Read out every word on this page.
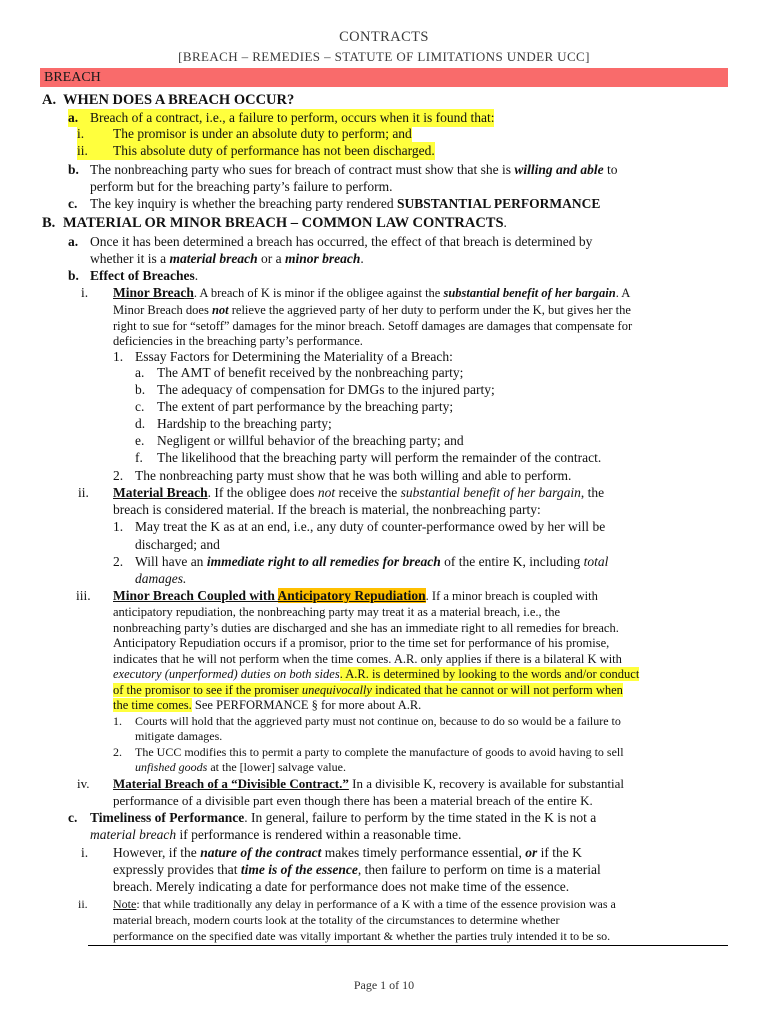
CONTRACTS
[BREACH – REMEDIES – STATUTE OF LIMITATIONS UNDER UCC]
BREACH
A. WHEN DOES A BREACH OCCUR?
a. Breach of a contract, i.e., a failure to perform, occurs when it is found that:
i. The promisor is under an absolute duty to perform; and
ii. This absolute duty of performance has not been discharged.
b. The nonbreaching party who sues for breach of contract must show that she is willing and able to
perform but for the breaching party’s failure to perform.
c. The key inquiry is whether the breaching party rendered SUBSTANTIAL PERFORMANCE
B. MATERIAL OR MINOR BREACH – COMMON LAW CONTRACTS.
a. Once it has been determined a breach has occurred, the effect of that breach is determined by
whether it is a material breach or a minor breach.
b. Effect of Breaches.
i. Minor Breach. A breach of K is minor if the obligee against the substantial benefit of her bargain. A
Minor Breach does not relieve the aggrieved party of her duty to perform under the K, but gives her the
right to sue for “setoff” damages for the minor breach. Setoff damages are damages that compensate for
deficiencies in the breaching party’s performance.
1. Essay Factors for Determining the Materiality of a Breach:
a. The AMT of benefit received by the nonbreaching party;
b. The adequacy of compensation for DMGs to the injured party;
c. The extent of part performance by the breaching party;
d. Hardship to the breaching party;
e. Negligent or willful behavior of the breaching party; and
f. The likelihood that the breaching party will perform the remainder of the contract.
2. The nonbreaching party must show that he was both willing and able to perform.
ii. Material Breach. If the obligee does not receive the substantial benefit of her bargain, the
breach is considered material. If the breach is material, the nonbreaching party:
1. May treat the K as at an end, i.e., any duty of counter-performance owed by her will be
discharged; and
2. Will have an immediate right to all remedies for breach of the entire K, including total
damages.
iii. Minor Breach Coupled with Anticipatory Repudiation. If a minor breach is coupled with
anticipatory repudiation, the nonbreaching party may treat it as a material breach, i.e., the
nonbreaching party’s duties are discharged and she has an immediate right to all remedies for breach.
Anticipatory Repudiation occurs if a promisor, prior to the time set for performance of his promise,
indicates that he will not perform when the time comes. A.R. only applies if there is a bilateral K with
executory (unperformed) duties on both sides. A.R. is determined by looking to the words and/or conduct
of the promisor to see if the promiser unequivocally indicated that he cannot or will not perform when
the time comes. See PERFORMANCE § for more about A.R.
1. Courts will hold that the aggrieved party must not continue on, because to do so would be a failure to
mitigate damages.
2. The UCC modifies this to permit a party to complete the manufacture of goods to avoid having to sell
unfished goods at the [lower] salvage value.
iv. Material Breach of a “Divisible Contract.” In a divisible K, recovery is available for substantial
performance of a divisible part even though there has been a material breach of the entire K.
c. Timeliness of Performance. In general, failure to perform by the time stated in the K is not a
material breach if performance is rendered within a reasonable time.
i. However, if the nature of the contract makes timely performance essential, or if the K
expressly provides that time is of the essence, then failure to perform on time is a material
breach. Merely indicating a date for performance does not make time of the essence.
ii. Note: that while traditionally any delay in performance of a K with a time of the essence provision was a
material breach, modern courts look at the totality of the circumstances to determine whether
performance on the specified date was vitally important & whether the parties truly intended it to be so.
Page 1 of 10
